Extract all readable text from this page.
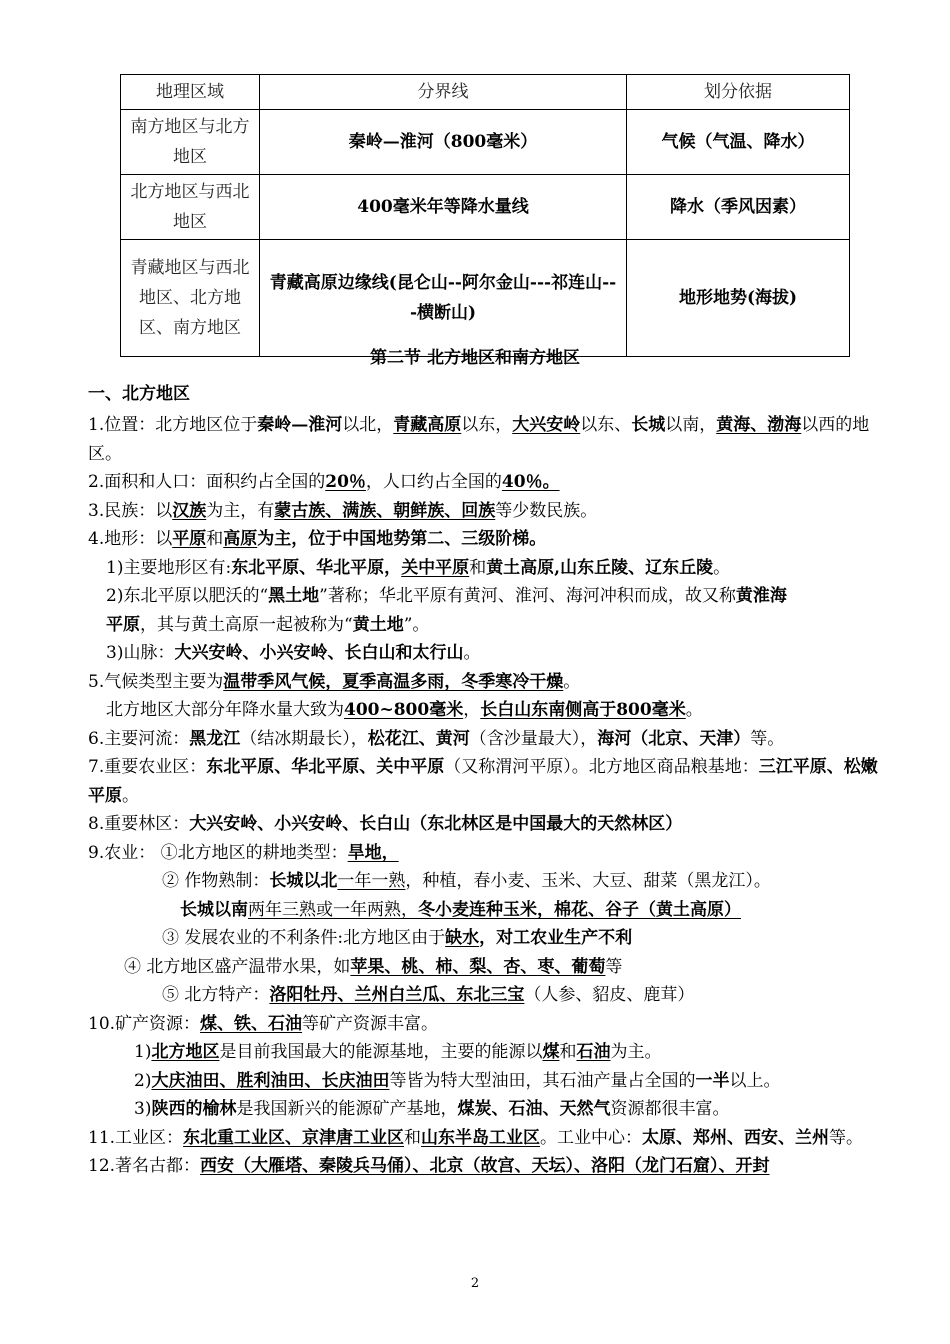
地理区域	分界线	划分依据
南方地区与北方地区	秦岭—淮河（800毫米）	气候（气温、降水）
北方地区与西北地区	400毫米年等降水量线	降水（季风因素）
青藏地区与西北地区、北方地区、南方地区	青藏高原边缘线(昆仑山--阿尔金山---祁连山---横断山)	地形地势(海拔)
第二节 北方地区和南方地区

一、北方地区

1.位置：北方地区位于秦岭—淮河以北，青藏高原以东，大兴安岭以东、长城以南，黄海、渤海以西的地区。

2.面积和人口：面积约占全国的20％，人口约占全国的40％。

3.民族：以汉族为主，有蒙古族、满族、朝鲜族、回族等少数民族。

4.地形：以平原和高原为主，位于中国地势第二、三级阶梯。

1)主要地形区有:东北平原、华北平原，关中平原和黄土高原,山东丘陵、辽东丘陵。

2)东北平原以肥沃的“黑土地”著称；华北平原有黄河、淮河、海河冲积而成，故又称黄淮海

平原，其与黄土高原一起被称为“黄土地”。

3)山脉：大兴安岭、小兴安岭、长白山和太行山。

5.气候类型主要为温带季风气候，夏季高温多雨，冬季寒冷干燥。

北方地区大部分年降水量大致为400~800毫米，长白山东南侧高于800毫米。

6.主要河流：黑龙江（结冰期最长），松花江、黄河（含沙量最大），海河（北京、天津）等。

7.重要农业区：东北平原、华北平原、关中平原（又称渭河平原）。北方地区商品粮基地：三江平原、松嫩平原。

8.重要林区：大兴安岭、小兴安岭、长白山（东北林区是中国最大的天然林区）

9.农业： ①北方地区的耕地类型：旱地，

② 作物熟制：长城以北一年一熟，种植，春小麦、玉米、大豆、甜菜（黑龙江）。

长城以南两年三熟或一年两熟，冬小麦连种玉米，棉花、谷子（黄土高原）

③ 发展农业的不利条件:北方地区由于缺水，对工农业生产不利

④ 北方地区盛产温带水果，如苹果、桃、柿、梨、杏、枣、葡萄等

⑤ 北方特产：洛阳牡丹、兰州白兰瓜、东北三宝（人参、貂皮、鹿茸）

10.矿产资源：煤、铁、石油等矿产资源丰富。

1)北方地区是目前我国最大的能源基地，主要的能源以煤和石油为主。

2)大庆油田、胜利油田、长庆油田等皆为特大型油田，其石油产量占全国的一半以上。

3)陕西的榆林是我国新兴的能源矿产基地，煤炭、石油、天然气资源都很丰富。

11.工业区：东北重工业区、京津唐工业区和山东半岛工业区。工业中心：太原、郑州、西安、兰州等。

12.著名古都：西安（大雁塔、秦陵兵马俑）、北京（故宫、天坛）、洛阳（龙门石窟）、开封

2
